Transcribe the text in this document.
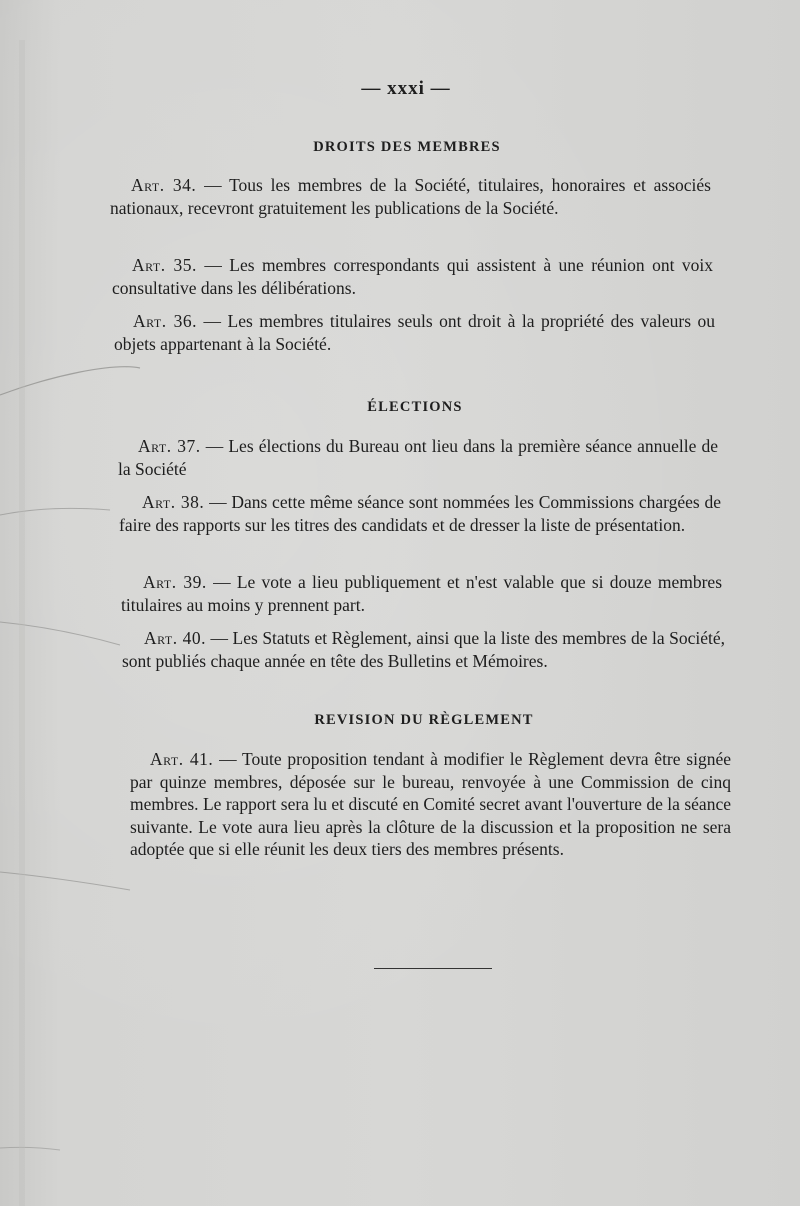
— xxxi —
DROITS DES MEMBRES
Art. 34. — Tous les membres de la Société, titulaires, honoraires et associés nationaux, recevront gratuitement les publications de la Société.
Art. 35. — Les membres correspondants qui assistent à une réunion ont voix consultative dans les délibérations.
Art. 36. — Les membres titulaires seuls ont droit à la propriété des valeurs ou objets appartenant à la Société.
ÉLECTIONS
Art. 37. — Les élections du Bureau ont lieu dans la première séance annuelle de la Société
Art. 38. — Dans cette même séance sont nommées les Commissions chargées de faire des rapports sur les titres des candidats et de dresser la liste de présentation.
Art. 39. — Le vote a lieu publiquement et n'est valable que si douze membres titulaires au moins y prennent part.
Art. 40. — Les Statuts et Règlement, ainsi que la liste des membres de la Société, sont publiés chaque année en tête des Bulletins et Mémoires.
REVISION DU RÈGLEMENT
Art. 41. — Toute proposition tendant à modifier le Règlement devra être signée par quinze membres, déposée sur le bureau, renvoyée à une Commission de cinq membres. Le rapport sera lu et discuté en Comité secret avant l'ouverture de la séance suivante. Le vote aura lieu après la clôture de la discussion et la proposition ne sera adoptée que si elle réunit les deux tiers des membres présents.
